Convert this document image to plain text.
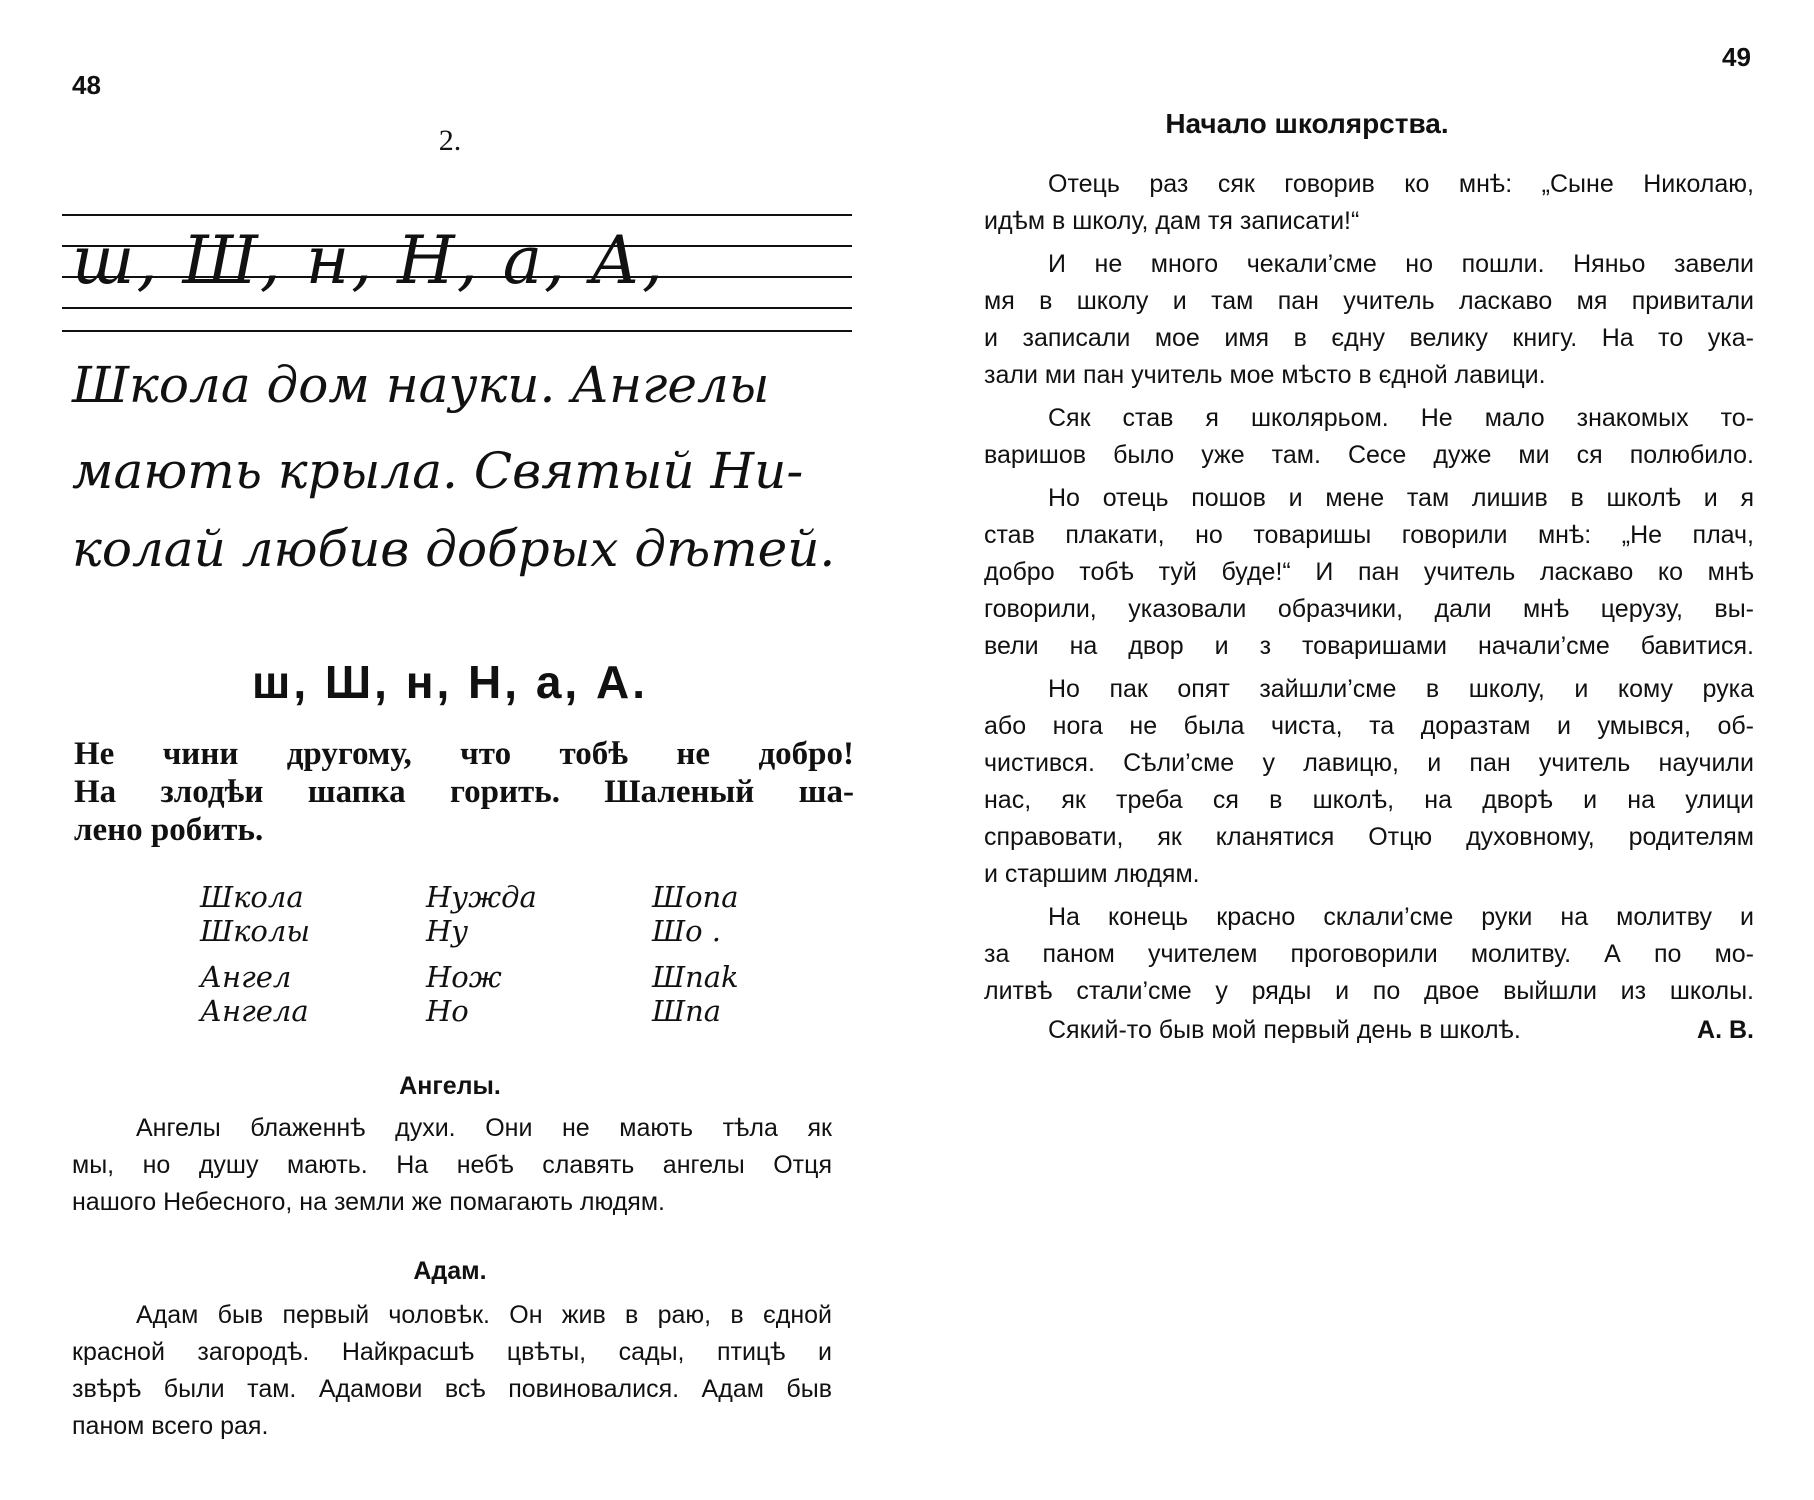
48
2.
ш, Ш, н, Н, а, А,
Школа дом науки. Ангелы
мають крыла. Святый Ни-
колай любив добрых дѣтей.
ш, Ш, н, Н, а, А.
Не чини другому, что тобѣ не добро!
На злодѣи шапка горить. Шаленый ша-
лено робить.
Школа
Школы
Ангел
Ангела
Нужда
Ну
Нож
Но
Шопа
Шо .
Шпak
Шпа
Ангелы.
Ангелы блаженнѣ духи. Они не мають тѣла як
мы, но душу мають. На небѣ славять ангелы Отця
нашого Небесного, на земли же помагають людям.
Адам.
Адам быв первый чоловѣк. Он жив в раю, в єдной
красной загородѣ. Найкрасшѣ цвѣты, сады, птицѣ и
звѣрѣ были там. Адамови всѣ повиновалися. Адам быв
паном всего рая.
49
Начало школярства.
Отець раз сяк говорив ко мнѣ: „Сыне Николаю,
идѣм в школу, дам тя записати!“
И не много чекали’сме но пошли. Няньо завели
мя в школу и там пан учитель ласкаво мя привитали
и записали мое имя в єдну велику книгу. На то ука-
зали ми пан учитель мое мѣсто в єдной лавици.
Сяк став я школярьом. Не мало знакомых то-
варишов было уже там. Сесе дуже ми ся полюбило.
Но отець пошов и мене там лишив в школѣ и я
став плакати, но товаришы говорили мнѣ: „Не плач,
добро тобѣ туй буде!“ И пан учитель ласкаво ко мнѣ
говорили, указовали образчики, дали мнѣ церузу, вы-
вели на двор и з товаришами начали’сме бавитися.
Но пак опят зайшли’сме в школу, и кому рука
або нога не была чиста, та доразтам и умывся, об-
чистився. Сѣли’сме у лавицю, и пан учитель научили
нас, як треба ся в школѣ, на дворѣ и на улици
справовати, як кланятися Отцю духовному, родителям
и старшим людям.
На конець красно склали’сме руки на молитву и
за паном учителем проговорили молитву. А по мо-
литвѣ стали’сме у ряды и по двое выйшли из школы.
Сякий-то быв мой первый день в школѣ.	А. В.
